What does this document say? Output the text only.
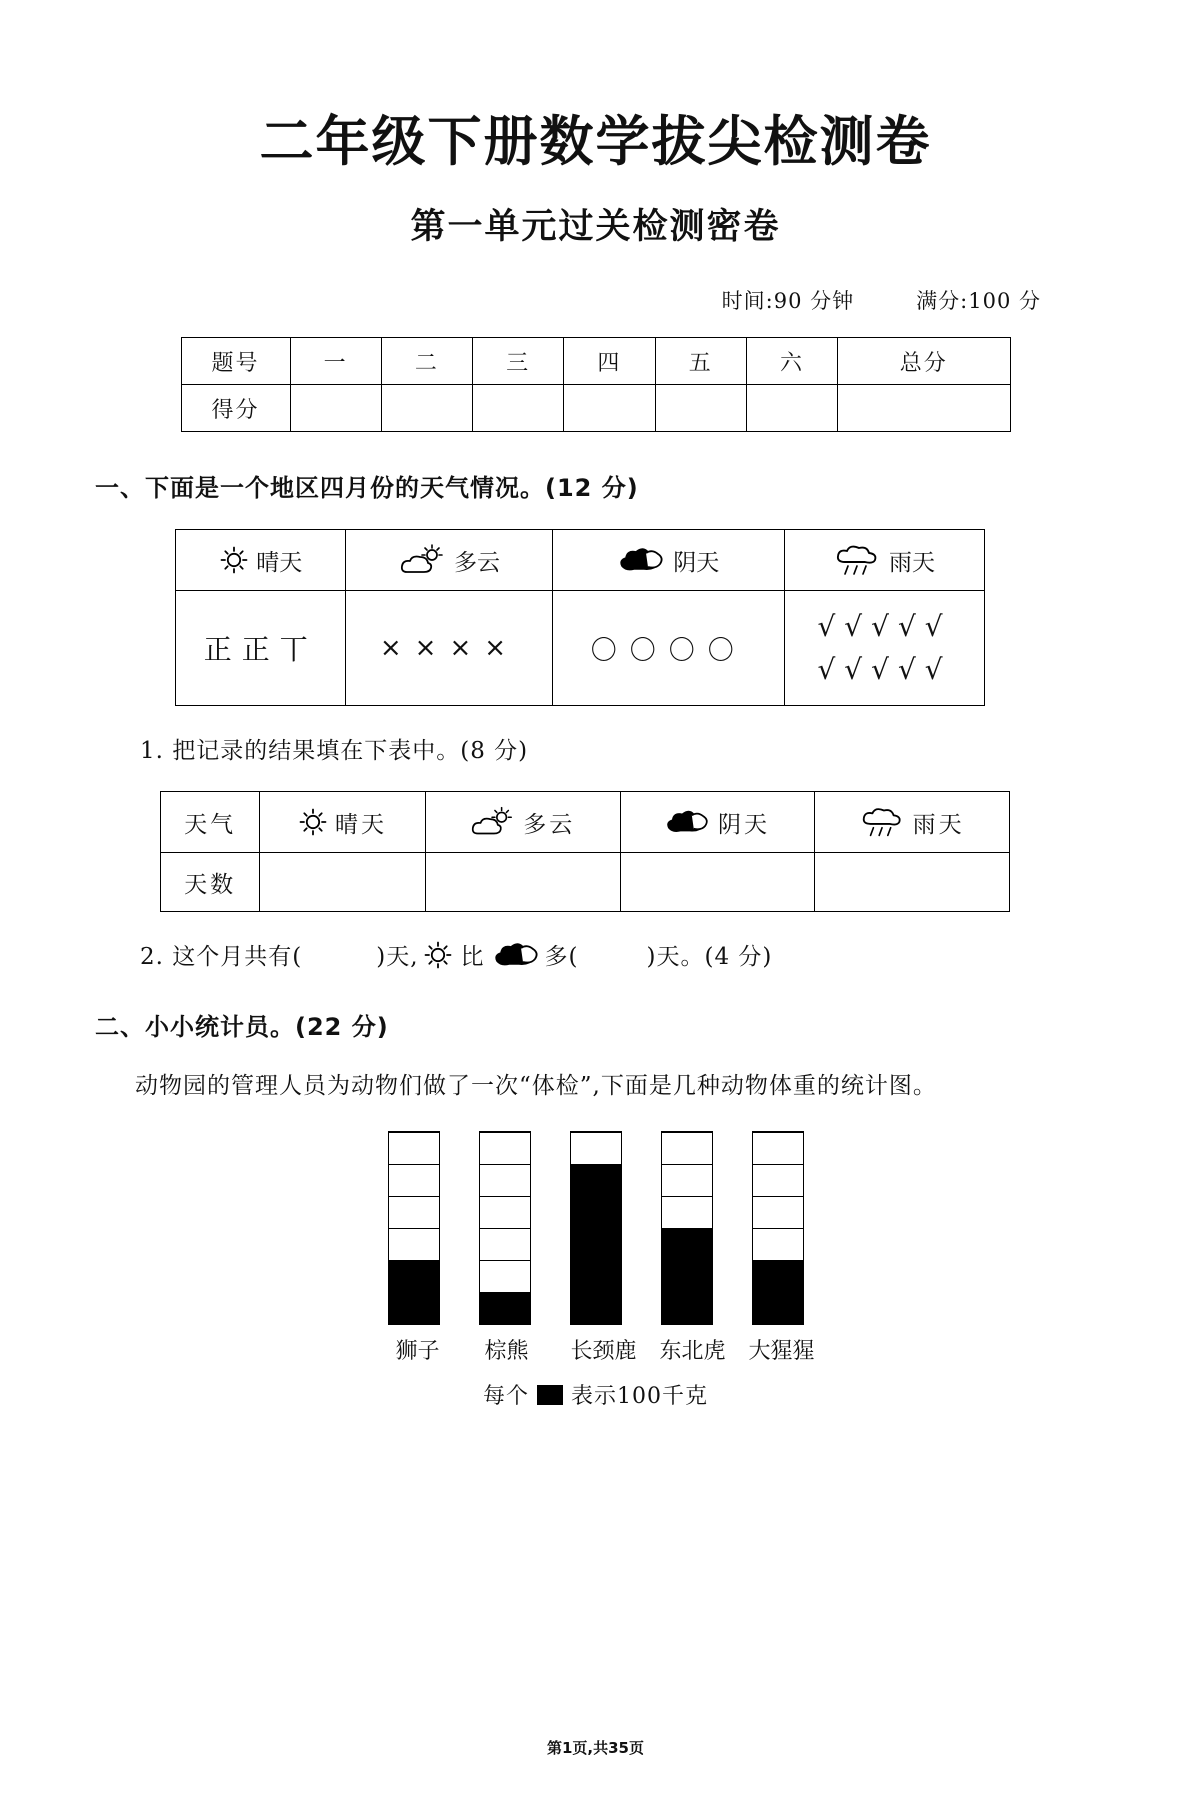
二年级下册数学拔尖检测卷
第一单元过关检测密卷
时间:90 分钟	满分:100 分
题号	一	二	三	四	五	六	总分
得分							
一、下面是一个地区四月份的天气情况。(12 分)
晴天	多云	阴天	雨天

正正丅	××××	〇〇〇〇	√√√√√
√√√√√
1. 把记录的结果填在下表中。(8 分)
天气	晴天	多云	阴天	雨天

天数				
2. 这个月共有(	)天, 比	多(	)天。(4 分)
二、小小统计员。(22 分)
动物园的管理人员为动物们做了一次“体检”,下面是几种动物体重的统计图。
狮子 棕熊 长颈鹿 东北虎 大猩猩
每个 表示100千克
第1页,共35页
